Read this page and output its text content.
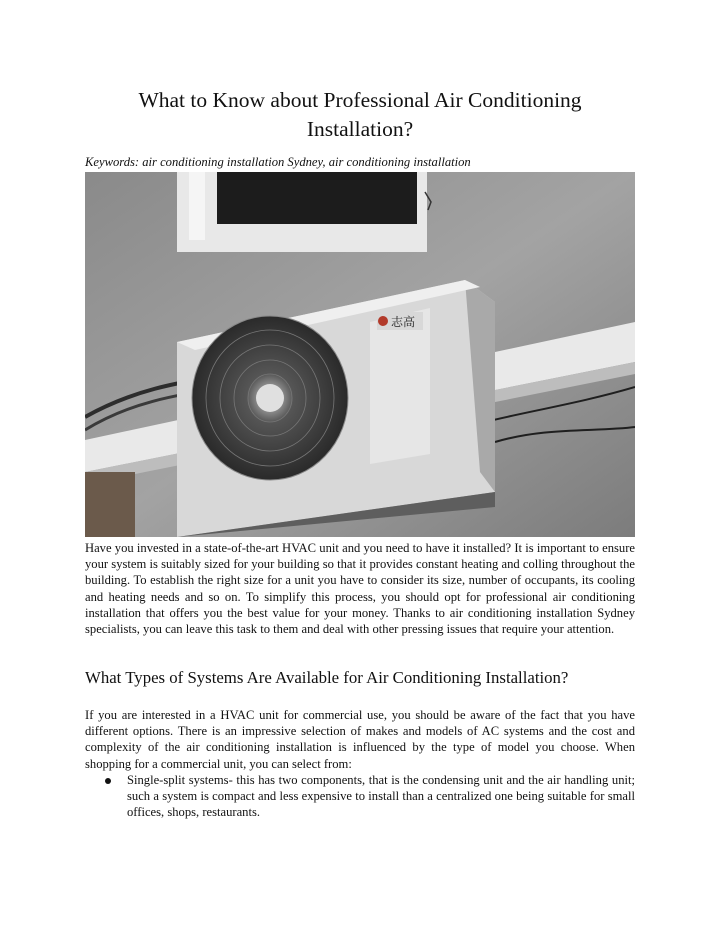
What to Know about Professional Air Conditioning Installation?

Keywords: air conditioning installation Sydney, air conditioning installation

志高

Have you invested in a state-of-the-art HVAC unit and you need to have it installed? It is important to ensure your system is suitably sized for your building so that it provides constant heating and colling throughout the building. To establish the right size for a unit you have to consider its size, number of occupants, its cooling and heating needs and so on. To simplify this process, you should opt for professional air conditioning installation that offers you the best value for your money. Thanks to air conditioning installation Sydney specialists, you can leave this task to them and deal with other pressing issues that require your attention.

What Types of Systems Are Available for Air Conditioning Installation?

If you are interested in a HVAC unit for commercial use, you should be aware of the fact that you have different options. There is an impressive selection of makes and models of AC systems and the cost and complexity of the air conditioning installation is influenced by the type of model you choose. When shopping for a commercial unit, you can select from:

Single-split systems- this has two components, that is the condensing unit and the air handling unit; such a system is compact and less expensive to install than a centralized one being suitable for small offices, shops, restaurants.
